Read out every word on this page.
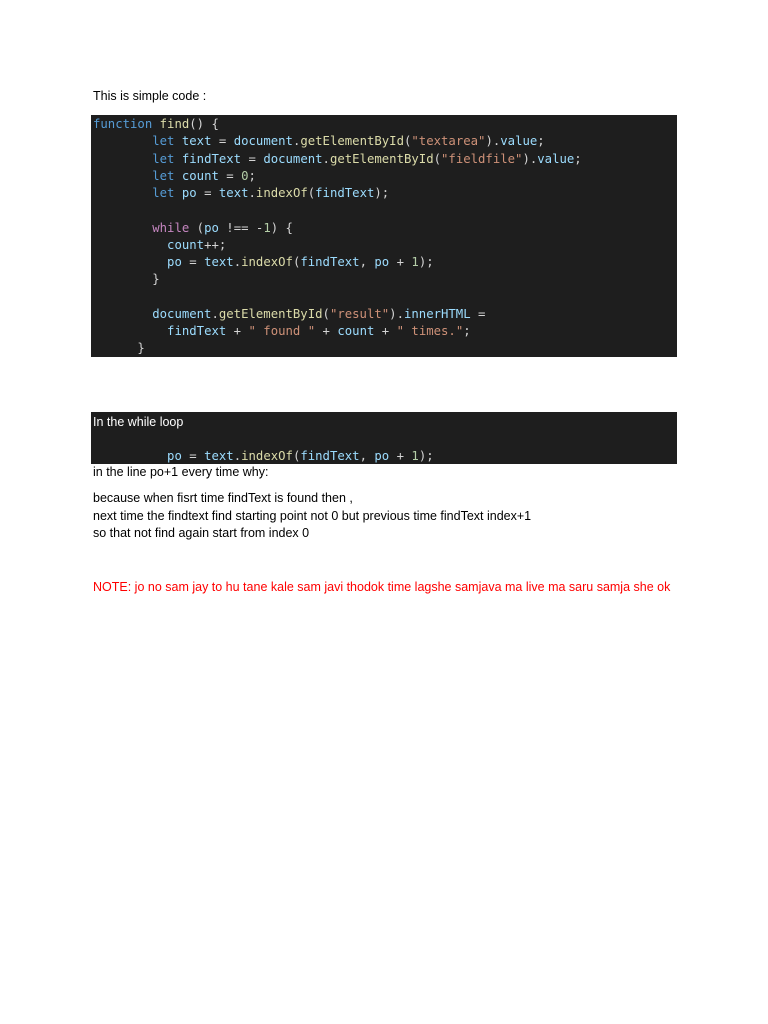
This is simple code :
function find() {
let text = document.getElementById("textarea").value;
let findText = document.getElementById("fieldfile").value;
let count = 0;
let po = text.indexOf(findText);

while (po !== -1) {
count++;
po = text.indexOf(findText, po + 1);
}

document.getElementById("result").innerHTML =
findText + " found " + count + " times.";
}
In the while loop
po = text.indexOf(findText, po + 1);
in the line po+1 every time why:
because when fisrt time findText is found then ,
next time the findtext find starting point not 0 but previous time findText index+1
so that not find again start from index 0
NOTE: jo no sam jay to hu tane kale sam javi thodok time lagshe samjava ma live ma saru samja she ok
